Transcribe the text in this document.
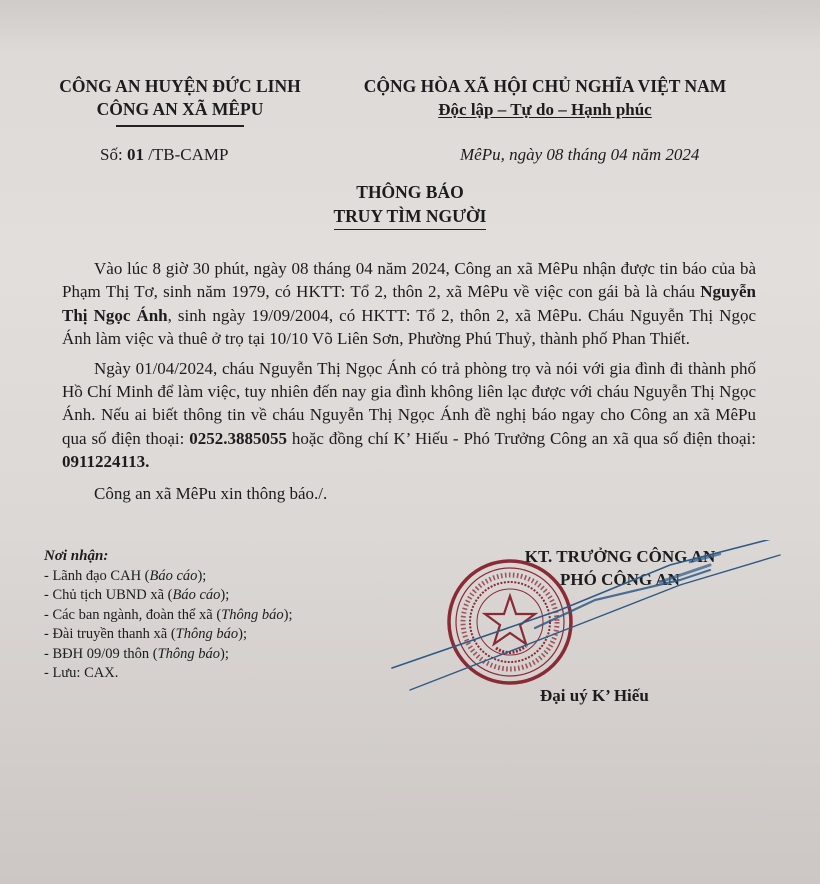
CÔNG AN HUYỆN ĐỨC LINH
CÔNG AN XÃ MÊPU
CỘNG HÒA XÃ HỘI CHỦ NGHĨA VIỆT NAM
Độc lập – Tự do – Hạnh phúc
Số: 01 /TB-CAMP	MêPu, ngày 08 tháng 04 năm 2024
THÔNG BÁO
TRUY TÌM NGƯỜI

Vào lúc 8 giờ 30 phút, ngày 08 tháng 04 năm 2024, Công an xã MêPu nhận được tin báo của bà Phạm Thị Tơ, sinh năm 1979, có HKTT: Tổ 2, thôn 2, xã MêPu về việc con gái bà là cháu Nguyễn Thị Ngọc Ánh, sinh ngày 19/09/2004, có HKTT: Tổ 2, thôn 2, xã MêPu. Cháu Nguyễn Thị Ngọc Ánh làm việc và thuê ở trọ tại 10/10 Võ Liên Sơn, Phường Phú Thuỷ, thành phố Phan Thiết.

Ngày 01/04/2024, cháu Nguyễn Thị Ngọc Ánh có trả phòng trọ và nói với gia đình đi thành phố Hồ Chí Minh để làm việc, tuy nhiên đến nay gia đình không liên lạc được với cháu Nguyễn Thị Ngọc Ánh. Nếu ai biết thông tin về cháu Nguyễn Thị Ngọc Ánh đề nghị báo ngay cho Công an xã MêPu qua số điện thoại: 0252.3885055 hoặc đồng chí K’ Hiếu - Phó Trưởng Công an xã qua số điện thoại: 0911224113.

Công an xã MêPu xin thông báo./.

Nơi nhận:
- Lãnh đạo CAH (Báo cáo);
- Chủ tịch UBND xã (Báo cáo);
- Các ban ngành, đoàn thể xã (Thông báo);
- Đài truyền thanh xã (Thông báo);
- BĐH 09/09 thôn (Thông báo);
- Lưu: CAX.
KT. TRƯỞNG CÔNG AN
PHÓ CÔNG AN
Đại uý K’ Hiếu
